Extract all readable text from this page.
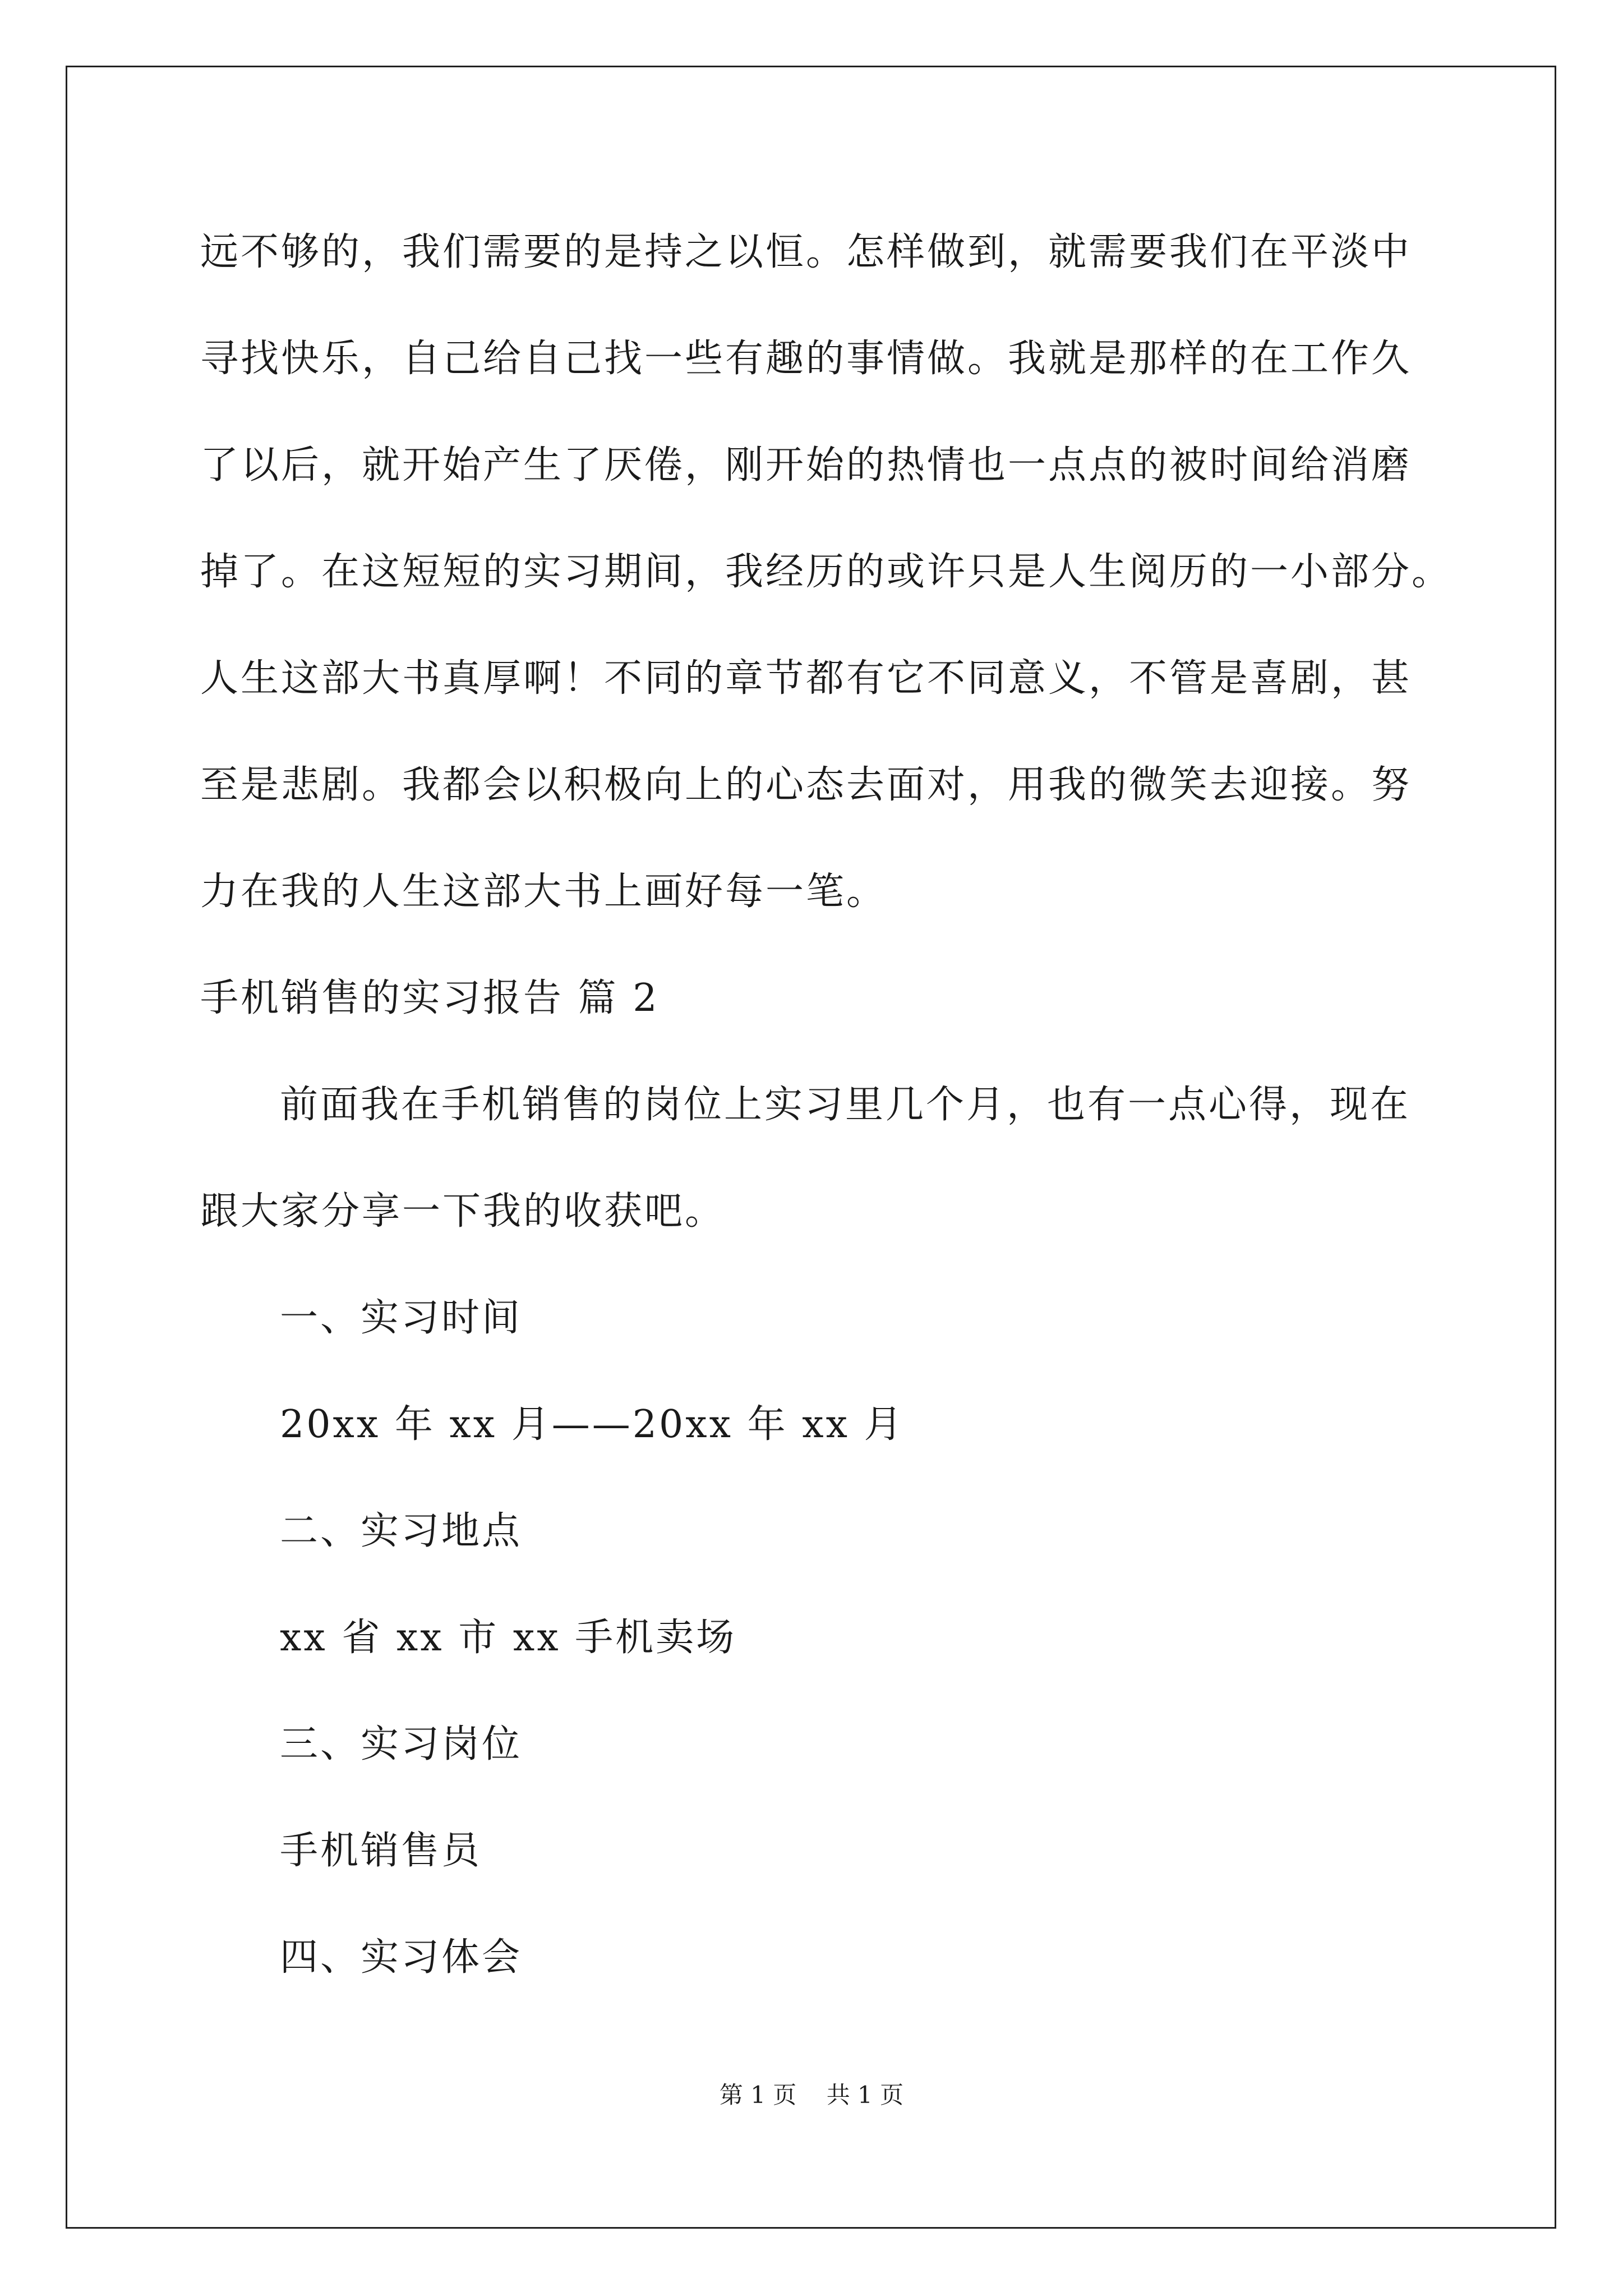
远不够的，我们需要的是持之以恒。怎样做到，就需要我们在平淡中
寻找快乐，自己给自己找一些有趣的事情做。我就是那样的在工作久
了以后，就开始产生了厌倦，刚开始的热情也一点点的被时间给消磨
掉了。在这短短的实习期间，我经历的或许只是人生阅历的一小部分。
人生这部大书真厚啊！不同的章节都有它不同意义，不管是喜剧，甚
至是悲剧。我都会以积极向上的心态去面对，用我的微笑去迎接。努
力在我的人生这部大书上画好每一笔。
手机销售的实习报告 篇 2
前面我在手机销售的岗位上实习里几个月，也有一点心得，现在
跟大家分享一下我的收获吧。
一、实习时间
20xx 年 xx 月——20xx 年 xx 月
二、实习地点
xx 省 xx 市 xx 手机卖场
三、实习岗位
手机销售员
四、实习体会
第 1 页    共 1 页
